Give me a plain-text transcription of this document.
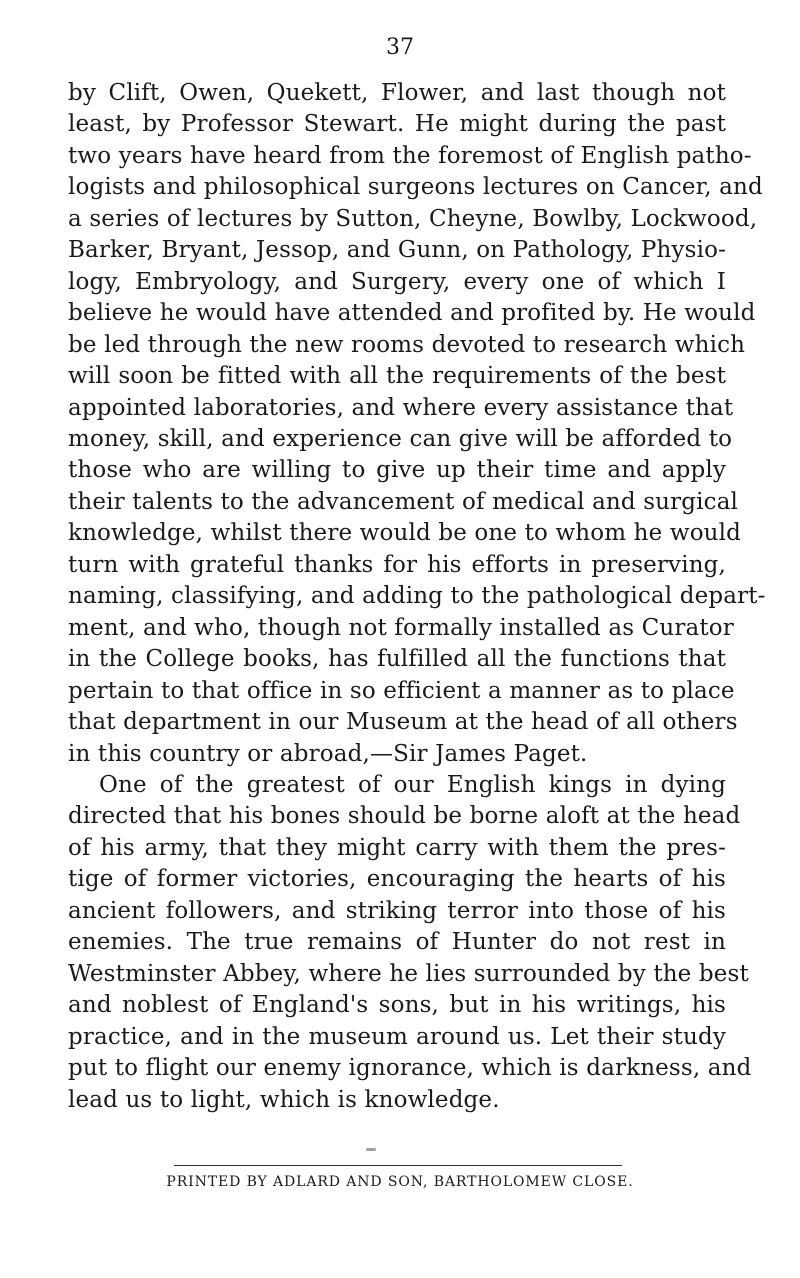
37
by Clift, Owen, Quekett, Flower, and last though not
least, by Professor Stewart. He might during the past
two years have heard from the foremost of English patho-
logists and philosophical surgeons lectures on Cancer, and
a series of lectures by Sutton, Cheyne, Bowlby, Lockwood,
Barker, Bryant, Jessop, and Gunn, on Pathology, Physio-
logy, Embryology, and Surgery, every one of which I
believe he would have attended and profited by. He would
be led through the new rooms devoted to research which
will soon be fitted with all the requirements of the best
appointed laboratories, and where every assistance that
money, skill, and experience can give will be afforded to
those who are willing to give up their time and apply
their talents to the advancement of medical and surgical
knowledge, whilst there would be one to whom he would
turn with grateful thanks for his efforts in preserving,
naming, classifying, and adding to the pathological depart-
ment, and who, though not formally installed as Curator
in the College books, has fulfilled all the functions that
pertain to that office in so efficient a manner as to place
that department in our Museum at the head of all others
in this country or abroad,—Sir James Paget.
One of the greatest of our English kings in dying
directed that his bones should be borne aloft at the head
of his army, that they might carry with them the pres-
tige of former victories, encouraging the hearts of his
ancient followers, and striking terror into those of his
enemies. The true remains of Hunter do not rest in
Westminster Abbey, where he lies surrounded by the best
and noblest of England's sons, but in his writings, his
practice, and in the museum around us. Let their study
put to flight our enemy ignorance, which is darkness, and
lead us to light, which is knowledge.
PRINTED BY ADLARD AND SON, BARTHOLOMEW CLOSE.
